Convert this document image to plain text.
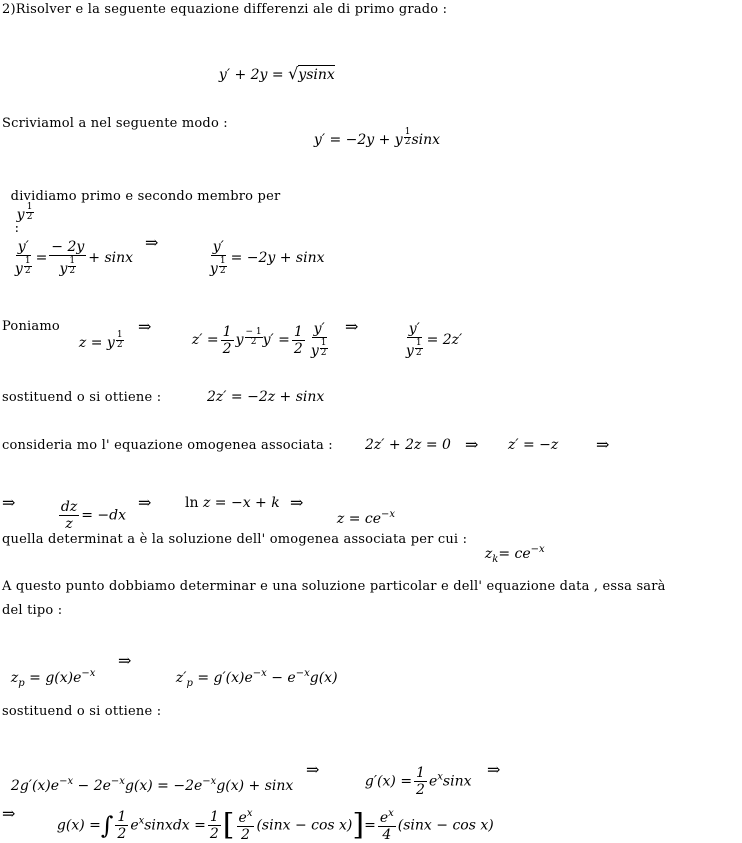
2)Risolver e la seguente equazione differenzi ale di primo grado :

y′ + 2y = √ysinx

Scriviamol a nel seguente modo :

y′ = −2y + y $\frac{1}{2}$ sinx

dividiamo primo e secondo membro per
y $\frac{1}{2}$

:

$\frac{y'}{y \frac{1}{2}} = \frac{- 2y}{y \frac{1}{2}} + \sin x$

⇒

	$\frac{y'}{y \frac{1}{2}} = -2y + \sin x$

Poniamo

z = y $\frac{1}{2}$

⇒

$z' = \frac{1}{2}$ y $\frac{- 1}{2} y' = \frac{1}{2} \frac{y'}{y \frac{1}{2}}$ ⇒

	$\frac{y'}{y \frac{1}{2}} = 2z'$

sostituend o si ottiene :	2z′ = −2z + sinx
consideria mo l' equazione omogenea associata : 2z′ + 2z = 0 ⇒ z′ = −z ⇒
⇒

	$\frac{dz}{z} = -dx$

⇒ ln z = −x + k ⇒

$z = ce^{-x}$

quella determinat a è la soluzione dell' omogenea associata per cui :

$z_k= ce^{-x}$

A questo punto dobbiamo determinar e una soluzione particolar e dell' equazione data , essa sarà
del tipo :

$z_p = g(x)e^{-x}$

⇒

$z'_p = g'(x)e^{-x} - e^{-x}g(x)$

sostituend o si ottiene :

$2g'(x)e^{-x} - 2e^{-x}g(x) = -2e^{-x}g(x) + \sin x$

⇒

$g'(x) = \frac{1}{2} e^x\sin x$

⇒
⇒

g(x) =∫ $\frac{1}{2}$ $e^xsinxdx = \frac{1}{2}$ [ $\frac{e^x}{2} (\sin x - \cos x)]= \frac{e^x}{4} (\sin x - \cos x)$
